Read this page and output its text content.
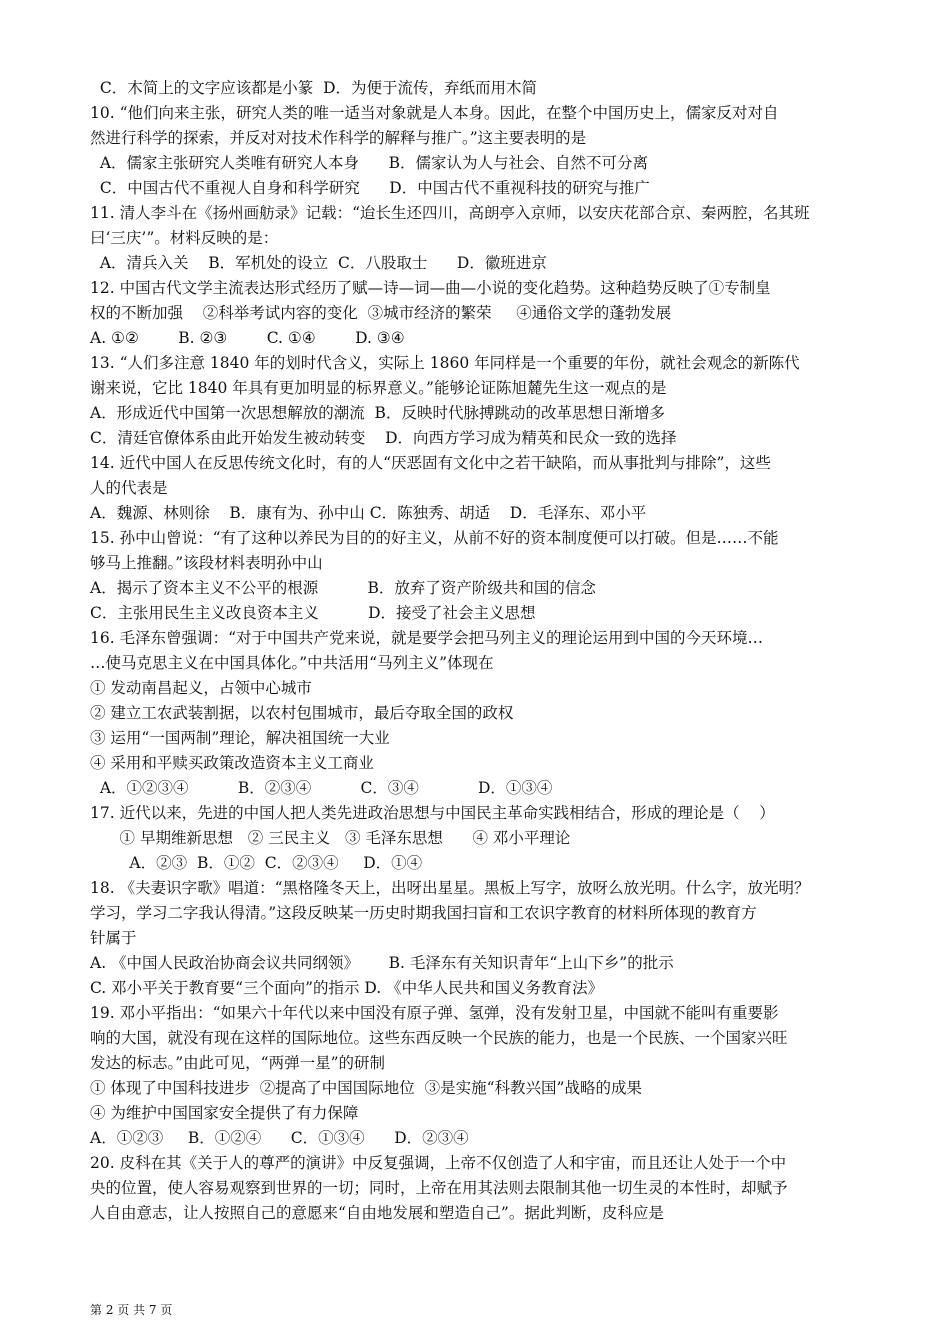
C．木简上的文字应该都是小篆  D．为便于流传，弃纸而用木简
10. “他们向来主张，研究人类的唯一适当对象就是人本身。因此，在整个中国历史上，儒家反对对自
然进行科学的探索，并反对对技术作科学的解释与推广。”这主要表明的是
A．儒家主张研究人类唯有研究人本身      B．儒家认为人与社会、自然不可分离
C．中国古代不重视人自身和科学研究      D．中国古代不重视科技的研究与推广
11. 清人李斗在《扬州画舫录》记载：“迨长生还四川，高朗亭入京师，以安庆花部合京、秦两腔，名其班
曰‘三庆’”。材料反映的是：
A．清兵入关    B．军机处的设立  C．八股取士      D．徽班进京
12. 中国古代文学主流表达形式经历了赋—诗—词—曲—小说的变化趋势。这种趋势反映了①专制皇
权的不断加强    ②科举考试内容的变化  ③城市经济的繁荣     ④通俗文学的蓬勃发展
A. ①②        B. ②③        C. ①④        D. ③④
13. “人们多注意 1840 年的划时代含义，实际上 1860 年同样是一个重要的年份，就社会观念的新陈代
谢来说，它比 1840 年具有更加明显的标界意义。”能够论证陈旭麓先生这一观点的是
A．形成近代中国第一次思想解放的潮流  B．反映时代脉搏跳动的改革思想日渐增多
C．清廷官僚体系由此开始发生被动转变    D．向西方学习成为精英和民众一致的选择
14. 近代中国人在反思传统文化时，有的人“厌恶固有文化中之若干缺陷，而从事批判与排除”，这些
人的代表是
A．魏源、林则徐    B．康有为、孙中山 C．陈独秀、胡适    D．毛泽东、邓小平
15. 孙中山曾说：“有了这种以养民为目的的好主义，从前不好的资本制度便可以打破。但是……不能
够马上推翻。”该段材料表明孙中山
A．揭示了资本主义不公平的根源          B．放弃了资产阶级共和国的信念
C．主张用民生主义改良资本主义          D．接受了社会主义思想
16. 毛泽东曾强调：“对于中国共产党来说，就是要学会把马列主义的理论运用到中国的今天环境…
…使马克思主义在中国具体化。”中共活用“马列主义”体现在
① 发动南昌起义，占领中心城市
② 建立工农武装割据，以农村包围城市，最后夺取全国的政权
③ 运用“一国两制”理论，解决祖国统一大业
④ 采用和平赎买政策改造资本主义工商业
A．①②③④          B．②③④          C．③④            D．①③④
17. 近代以来，先进的中国人把人类先进政治思想与中国民主革命实践相结合，形成的理论是（    ）
① 早期维新思想   ② 三民主义   ③ 毛泽东思想      ④ 邓小平理论
A．②③  B．①②  C．②③④     D．①④
18. 《夫妻识字歌》唱道：“黑格隆冬天上，出呀出星星。黑板上写字，放呀么放光明。什么字，放光明？
学习，学习二字我认得清。”这段反映某一历史时期我国扫盲和工农识字教育的材料所体现的教育方
针属于
A. 《中国人民政治协商会议共同纲领》      B. 毛泽东有关知识青年“上山下乡”的批示
C. 邓小平关于教育要“三个面向”的指示 D. 《中华人民共和国义务教育法》
19. 邓小平指出：“如果六十年代以来中国没有原子弹、氢弹，没有发射卫星，中国就不能叫有重要影
响的大国，就没有现在这样的国际地位。这些东西反映一个民族的能力，也是一个民族、一个国家兴旺
发达的标志。”由此可见，“两弹一星”的研制
① 体现了中国科技进步  ②提高了中国国际地位  ③是实施“科教兴国”战略的成果
④ 为维护中国国家安全提供了有力保障
A．①②③     B．①②④      C．①③④      D．②③④
20. 皮科在其《关于人的尊严的演讲》中反复强调，上帝不仅创造了人和宇宙，而且还让人处于一个中
央的位置，使人容易观察到世界的一切；同时，上帝在用其法则去限制其他一切生灵的本性时，却赋予
人自由意志，让人按照自己的意愿来“自由地发展和塑造自己”。据此判断，皮科应是
第 2 页 共 7 页
